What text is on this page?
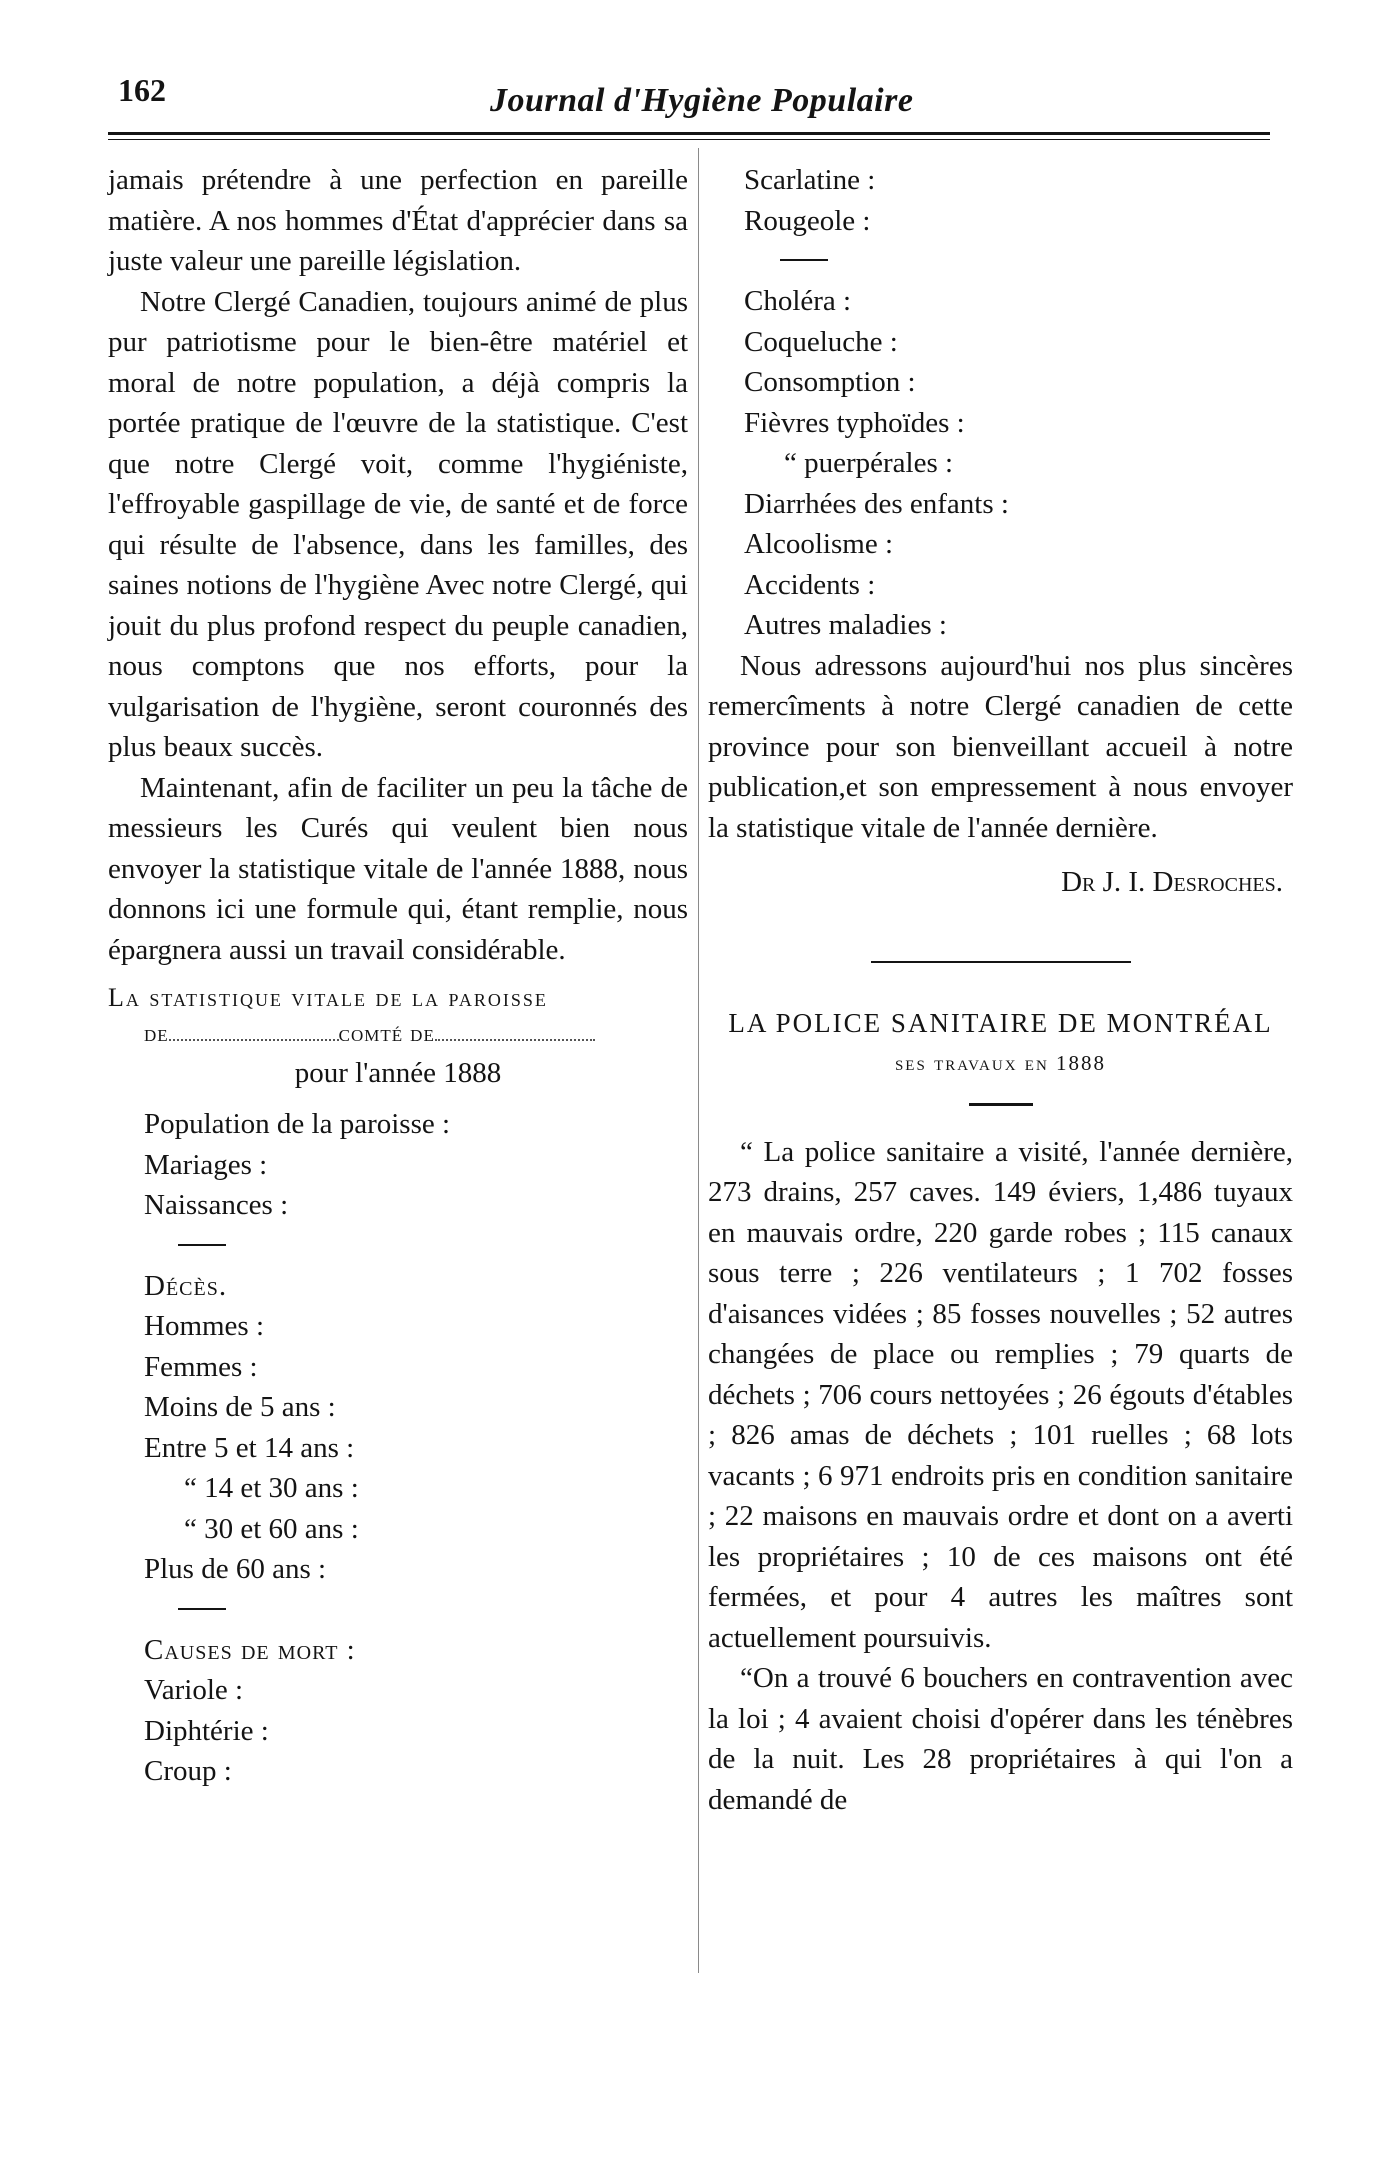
162	Journal d'Hygiène Populaire

jamais prétendre à une perfection en pareille matière. A nos hommes d'État d'apprécier dans sa juste valeur une pareille législation.

Notre Clergé Canadien, toujours animé de plus pur patriotisme pour le bien-être matériel et moral de notre population, a déjà compris la portée pratique de l'œuvre de la statistique. C'est que notre Clergé voit, comme l'hygiéniste, l'effroyable gaspillage de vie, de santé et de force qui résulte de l'absence, dans les familles, des saines notions de l'hygiène Avec notre Clergé, qui jouit du plus profond respect du peuple canadien, nous comptons que nos efforts, pour la vulgarisation de l'hygiène, seront couronnés des plus beaux succès.

Maintenant, afin de faciliter un peu la tâche de messieurs les Curés qui veulent bien nous envoyer la statistique vitale de l'année 1888, nous donnons ici une formule qui, étant remplie, nous épargnera aussi un travail considérable.

La statistique vitale de la paroisse
de	comté de
pour l'année 1888
Population de la paroisse :
Mariages :
Naissances :
Décès.
Hommes :
Femmes :
Moins de 5 ans :
Entre 5 et 14 ans :
“ 14 et 30 ans :
“ 30 et 60 ans :
Plus de 60 ans :
Causes de mort :
Variole :
Diphtérie :
Croup :
Scarlatine :
Rougeole :
Choléra :
Coqueluche :
Consomption :
Fièvres typhoïdes :
“ puerpérales :
Diarrhées des enfants :
Alcoolisme :
Accidents :
Autres maladies :

Nous adressons aujourd'hui nos plus sincères remercîments à notre Clergé canadien de cette province pour son bienveillant accueil à notre publication,et son empressement à nous envoyer la statistique vitale de l'année dernière.

Dr J. I. Desroches.
LA POLICE SANITAIRE DE MONTRÉAL
ses travaux en 1888

“ La police sanitaire a visité, l'année dernière, 273 drains, 257 caves. 149 éviers, 1,486 tuyaux en mauvais ordre, 220 garde robes ; 115 canaux sous terre ; 226 ventilateurs ; 1 702 fosses d'aisances vidées ; 85 fosses nouvelles ; 52 autres changées de place ou remplies ; 79 quarts de déchets ; 706 cours nettoyées ; 26 égouts d'étables ; 826 amas de déchets ; 101 ruelles ; 68 lots vacants ; 6 971 endroits pris en condition sanitaire ; 22 maisons en mauvais ordre et dont on a averti les propriétaires ; 10 de ces maisons ont été fermées, et pour 4 autres les maîtres sont actuellement poursuivis.

“On a trouvé 6 bouchers en contravention avec la loi ; 4 avaient choisi d'opérer dans les ténèbres de la nuit. Les 28 propriétaires à qui l'on a demandé de
